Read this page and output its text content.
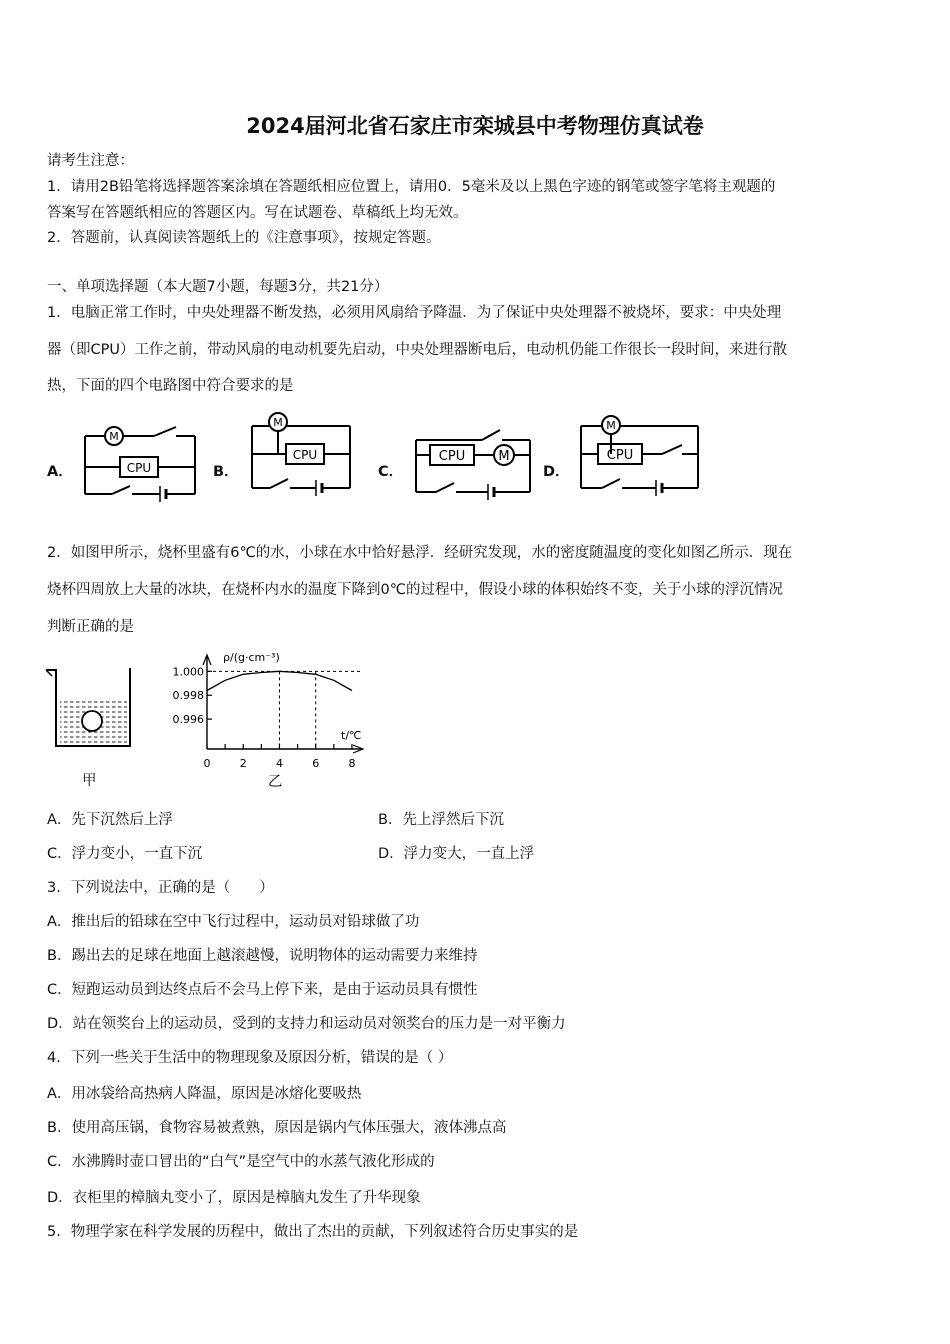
2024届河北省石家庄市栾城县中考物理仿真试卷
请考生注意：
1．请用2B铅笔将选择题答案涂填在答题纸相应位置上，请用0．5毫米及以上黑色字迹的钢笔或签字笔将主观题的
答案写在答题纸相应的答题区内。写在试题卷、草稿纸上均无效。
2．答题前，认真阅读答题纸上的《注意事项》，按规定答题。
一、单项选择题（本大题7小题，每题3分，共21分）
1．电脑正常工作时，中央处理器不断发热，必须用风扇给予降温．为了保证中央处理器不被烧坏，要求：中央处理
器（即CPU）工作之前，带动风扇的电动机要先启动，中央处理器断电后，电动机仍能工作很长一段时间，来进行散
热，下面的四个电路图中符合要求的是
A．	B．	C．	D．
M
CPU
M
CPU	CPU	M
M
CPU
2．如图甲所示，烧杯里盛有6℃的水，小球在水中恰好悬浮．经研究发现，水的密度随温度的变化如图乙所示．现在
烧杯四周放上大量的冰块，在烧杯内水的温度下降到0℃的过程中，假设小球的体积始终不变，关于小球的浮沉情况
判断正确的是
甲
0	2	4	6	8
1.000
0.998
0.996
ρ/(g·cm⁻³)
t/℃
乙
A．先下沉然后上浮	B．先上浮然后下沉
C．浮力变小，一直下沉	D．浮力变大，一直上浮
3．下列说法中，正确的是（　　）
A．推出后的铅球在空中飞行过程中，运动员对铅球做了功
B．踢出去的足球在地面上越滚越慢，说明物体的运动需要力来维持
C．短跑运动员到达终点后不会马上停下来，是由于运动员具有惯性
D．站在领奖台上的运动员，受到的支持力和运动员对领奖台的压力是一对平衡力
4．下列一些关于生活中的物理现象及原因分析，错误的是（ ）
A．用冰袋给高热病人降温，原因是冰熔化要吸热
B．使用高压锅，食物容易被煮熟，原因是锅内气体压强大，液体沸点高
C．水沸腾时壶口冒出的“白气”是空气中的水蒸气液化形成的
D．衣柜里的樟脑丸变小了，原因是樟脑丸发生了升华现象
5．物理学家在科学发展的历程中，做出了杰出的贡献，下列叙述符合历史事实的是
